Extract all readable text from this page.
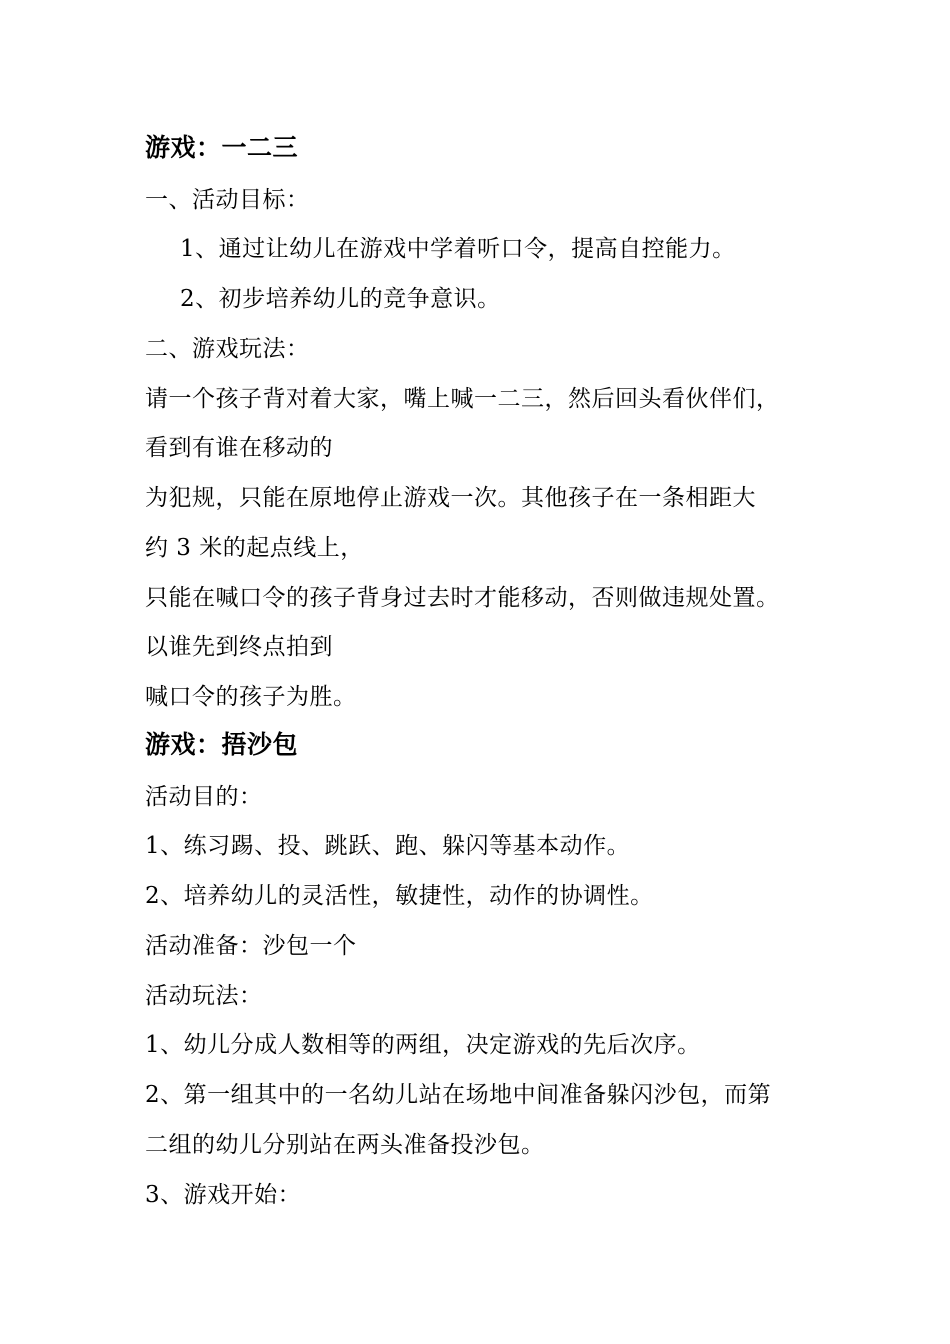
游戏：一二三
一、活动目标：
1、通过让幼儿在游戏中学着听口令，提高自控能力。
2、初步培养幼儿的竞争意识。
二、游戏玩法：
请一个孩子背对着大家，嘴上喊一二三，然后回头看伙伴们，
看到有谁在移动的
为犯规，只能在原地停止游戏一次。其他孩子在一条相距大
约 3 米的起点线上，
只能在喊口令的孩子背身过去时才能移动，否则做违规处置。
以谁先到终点拍到
喊口令的孩子为胜。
游戏：捂沙包
活动目的：
1、练习踢、投、跳跃、跑、躲闪等基本动作。
2、培养幼儿的灵活性，敏捷性，动作的协调性。
活动准备：沙包一个
活动玩法：
1、幼儿分成人数相等的两组，决定游戏的先后次序。
2、第一组其中的一名幼儿站在场地中间准备躲闪沙包，而第
二组的幼儿分别站在两头准备投沙包。
3、游戏开始：
